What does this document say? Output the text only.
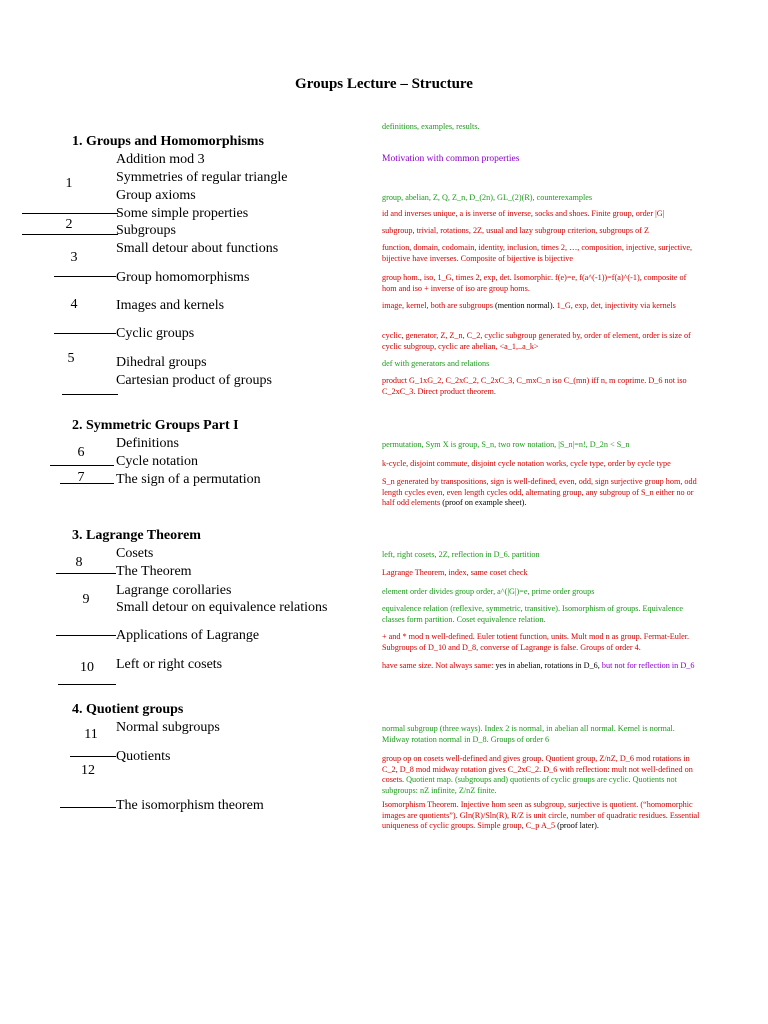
Groups Lecture – Structure
definitions, examples, results.
1. Groups and Homomorphisms
Addition mod 3
Symmetries of regular triangle
Group axioms
Some simple properties
Subgroups
Small detour about functions
Group homomorphisms
Images and kernels
Cyclic groups
Dihedral groups
Cartesian product of groups
1
2
3
4
5
Motivation with common properties
group, abelian, Z, Q, Z_n, D_(2n), GL_(2)(R), counterexamples
id and inverses unique, a is inverse of inverse, socks and shoes. Finite group, order |G|
subgroup, trivial, rotations, 2Z, usual and lazy subgroup criterion, subgroups of Z
function, domain, codomain, identity, inclusion, times 2, …, composition, injective, surjective, bijective have inverses. Composite of bijective is bijective
group hom., iso, 1_G, times 2, exp, det. Isomorphic. f(e)=e, f(a^(-1))=f(a)^(-1), composite of hom and iso + inverse of iso are group homs.
image, kernel, both are subgroups (mention normal). 1_G, exp, det, injectivity via kernels
cyclic, generator, Z, Z_n, C_2, cyclic subgroup generated by, order of element, order is size of cyclic subgroup, cyclic are abelian, <a_1,..a_k>
def with generators and relations
product G_1xG_2, C_2xC_2, C_2xC_3, C_mxC_n iso C_(mn) iff n, m coprime. D_6 not iso C_2xC_3. Direct product theorem.
2. Symmetric Groups Part I
Definitions
Cycle notation
The sign of a permutation
6
7
permutation, Sym X is group, S_n, two row notation, |S_n|=n!, D_2n < S_n
k-cycle, disjoint commute, disjoint cycle notation works, cycle type, order by cycle type
S_n generated by transpositions, sign is well-defined, even, odd, sign surjective group hom, odd length cycles even, even length cycles odd, alternating group, any subgroup of S_n either no or half odd elements (proof on example sheet).
3. Lagrange Theorem
Cosets
The Theorem
Lagrange corollaries
Small detour on equivalence relations
Applications of Lagrange
Left or right cosets
8
9
10
left, right cosets, 2Z, reflection in D_6. partition
Lagrange Theorem, index, same coset check
element order divides group order, a^(|G|)=e, prime order groups
equivalence relation (reflexive, symmetric, transitive). Isomorphism of groups. Equivalence classes form partition. Coset equivalence relation.
+ and * mod n well-defined. Euler totient function, units. Mult mod n as group. Fermat-Euler. Subgroups of D_10 and D_8, converse of Lagrange is false. Groups of order 4.
have same size. Not always same: yes in abelian, rotations in D_6, but not for reflection in D_6
4. Quotient groups
Normal subgroups
Quotients
The isomorphism theorem
11
12
normal subgroup (three ways). Index 2 is normal, in abelian all normal. Kernel is normal. Midway rotation normal in D_8. Groups of order 6
group op on cosets well-defined and gives group. Quotient group, Z/nZ, D_6 mod rotations in C_2, D_8 mod midway rotation gives C_2xC_2. D_6 with reflection: mult not well-defined on cosets. Quotient map. (subgroups and) quotients of cyclic groups are cyclic. Quotients not subgroups: nZ infinite, Z/nZ finite.
Isomorphism Theorem. Injective hom seen as subgroup, surjective is quotient. (“homomorphic images are quotients”). Gln(R)/Sln(R), R/Z is unit circle, number of quadratic residues. Essential uniqueness of cyclic groups. Simple group, C_p A_5 (proof later).
